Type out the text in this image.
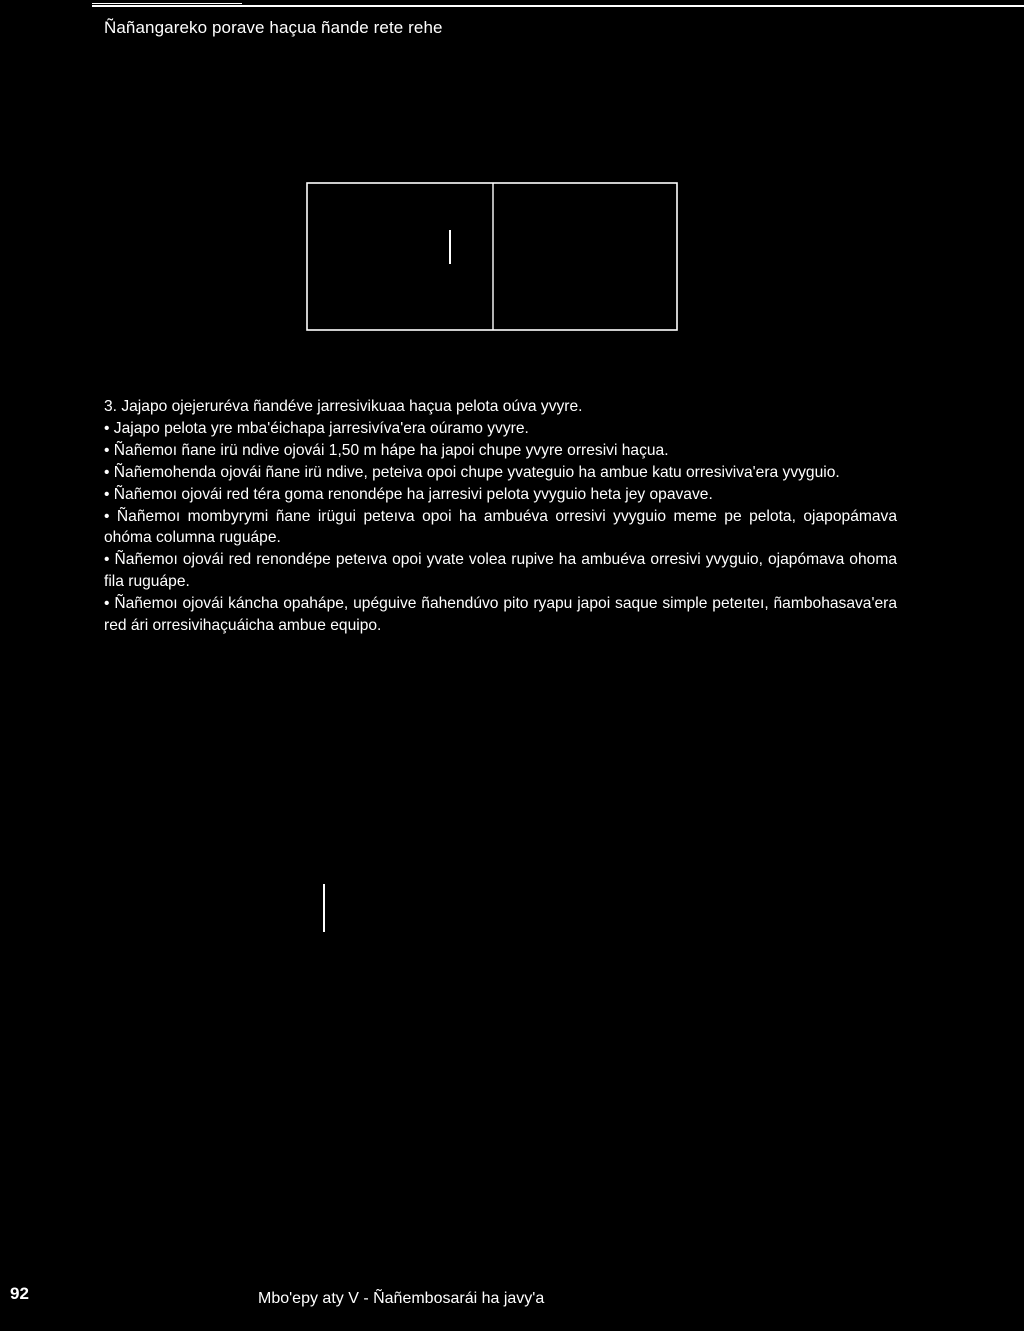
Ñañangareko porave haçua ñande rete rehe

3. Jajapo ojejeruréva ñandéve jarresivikuaa haçua pelota oúva yvyre.

• Jajapo pelota yre mba'éichapa jarresivíva'era oúramo yvyre.

• Ñañemoı ñane irü ndive ojovái 1,50 m hápe ha japoi chupe yvyre orresivi haçua.

• Ñañemohenda ojovái ñane irü ndive, peteiva opoi chupe yvateguio ha ambue katu orresiviva'era yvyguio.

• Ñañemoı ojovái red téra goma renondépe ha jarresivi pelota yvyguio heta jey opavave.

• Ñañemoı mombyrymi ñane irügui peteıva opoi ha ambuéva orresivi yvyguio meme pe pelota, ojapopámava ohóma columna ruguápe.

• Ñañemoı ojovái red renondépe peteıva opoi yvate volea rupive ha ambuéva orresivi yvyguio, ojapómava ohoma fila ruguápe.

• Ñañemoı ojovái káncha opahápe, upéguive ñahendúvo pito ryapu japoi saque simple peteıteı, ñambohasava'era red ári orresivihaçuáicha ambue equipo.

92	Mbo'epy aty V - Ñañembosarái ha javy'a
